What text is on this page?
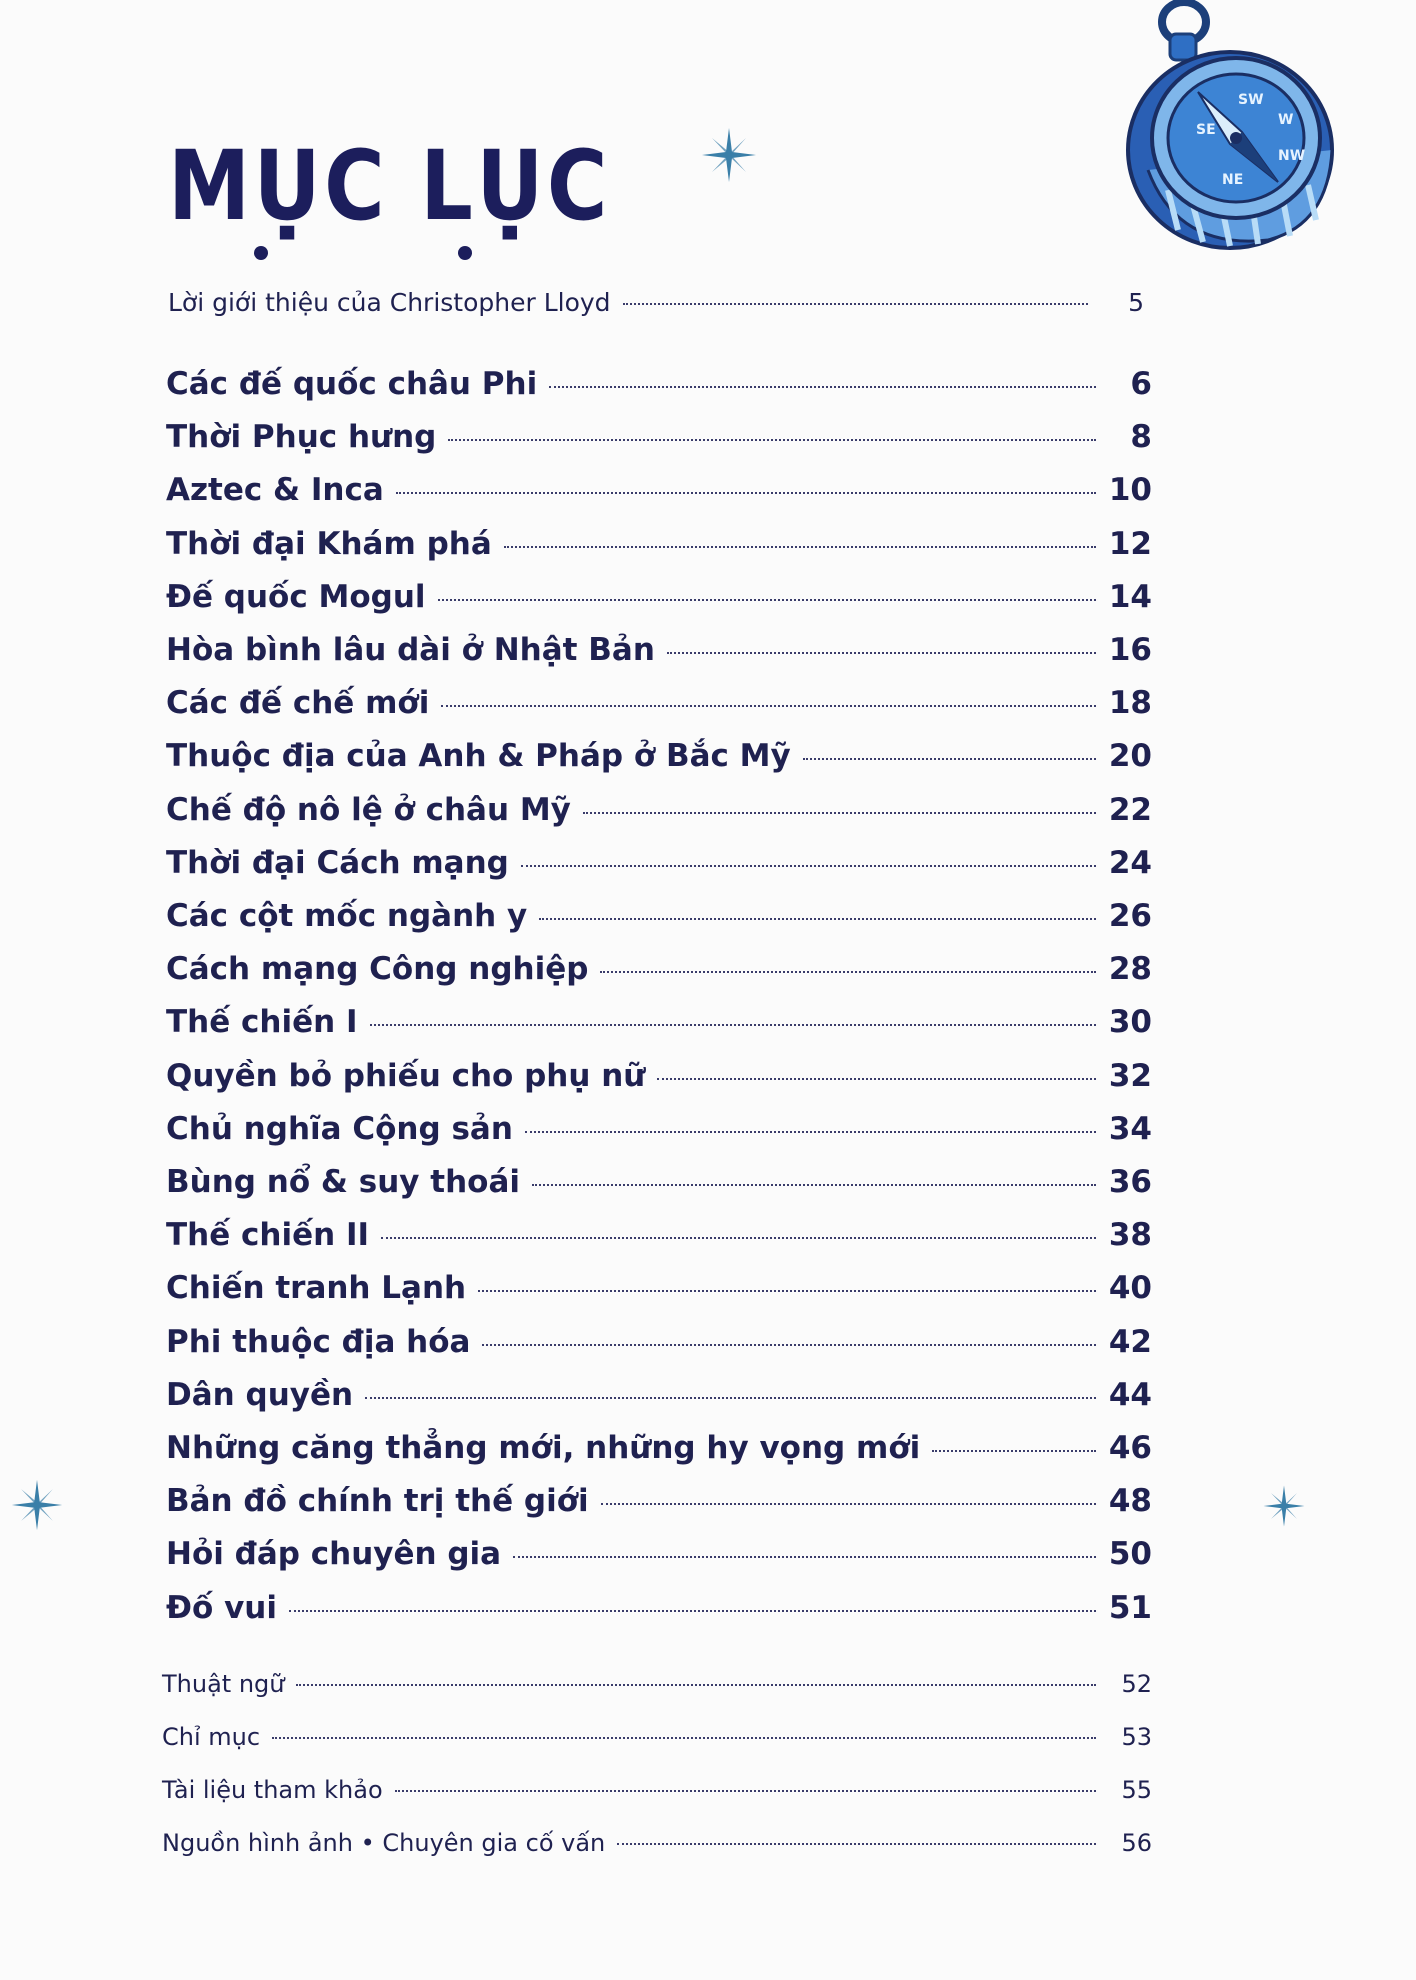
MỤC LỤC
SW
W
NW
SE
NE
Lời giới thiệu của Christopher Lloyd	5
Các đế quốc châu Phi	6
Thời Phục hưng	8
Aztec & Inca	10
Thời đại Khám phá	12
Đế quốc Mogul	14
Hòa bình lâu dài ở Nhật Bản	16
Các đế chế mới	18
Thuộc địa của Anh & Pháp ở Bắc Mỹ	20
Chế độ nô lệ ở châu Mỹ	22
Thời đại Cách mạng	24
Các cột mốc ngành y	26
Cách mạng Công nghiệp	28
Thế chiến I	30
Quyền bỏ phiếu cho phụ nữ	32
Chủ nghĩa Cộng sản	34
Bùng nổ & suy thoái	36
Thế chiến II	38
Chiến tranh Lạnh	40
Phi thuộc địa hóa	42
Dân quyền	44
Những căng thẳng mới, những hy vọng mới	46
Bản đồ chính trị thế giới	48
Hỏi đáp chuyên gia	50
Đố vui	51
Thuật ngữ	52
Chỉ mục	53
Tài liệu tham khảo	55
Nguồn hình ảnh • Chuyên gia cố vấn	56
